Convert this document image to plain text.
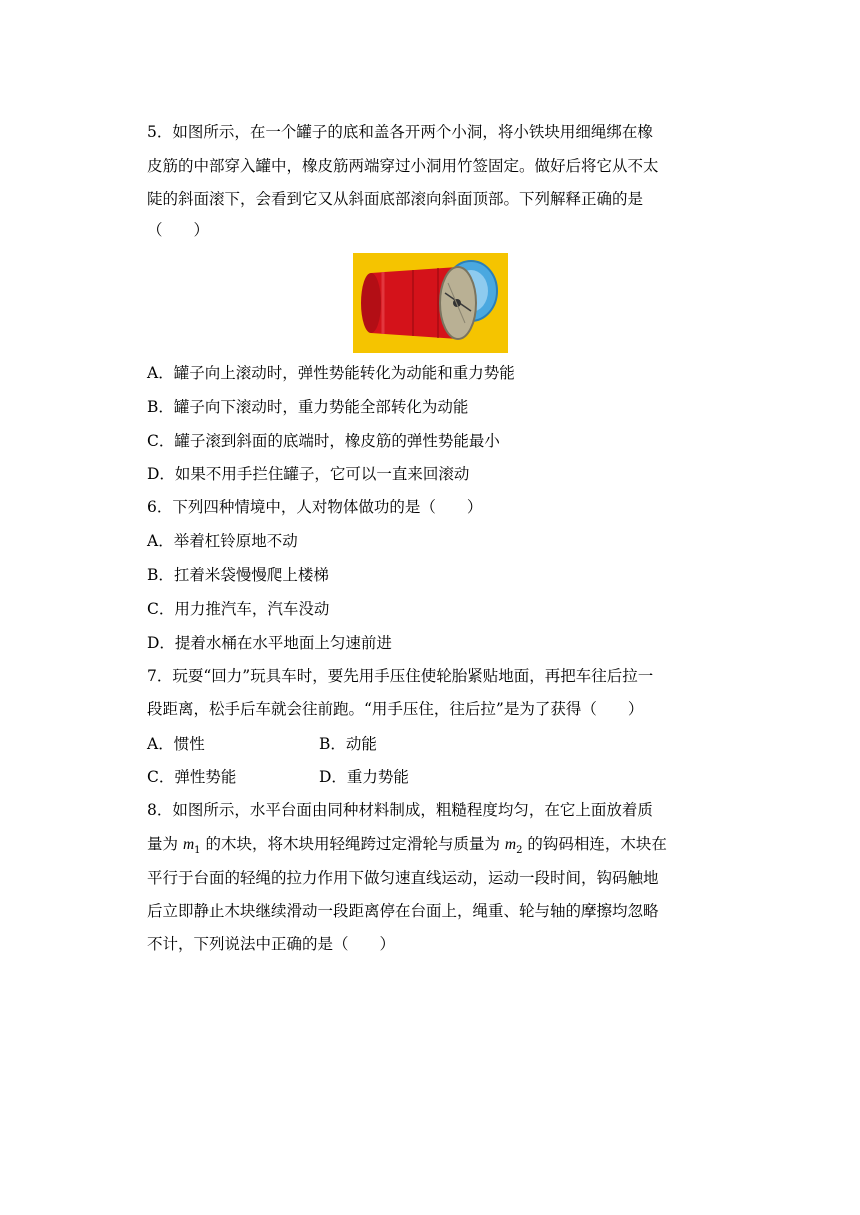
5．如图所示，在一个罐子的底和盖各开两个小洞，将小铁块用细绳绑在橡
皮筋的中部穿入罐中，橡皮筋两端穿过小洞用竹签固定。做好后将它从不太
陡的斜面滚下，会看到它又从斜面底部滚向斜面顶部。下列解释正确的是
（　　）
A．罐子向上滚动时，弹性势能转化为动能和重力势能
B．罐子向下滚动时，重力势能全部转化为动能
C．罐子滚到斜面的底端时，橡皮筋的弹性势能最小
D．如果不用手拦住罐子，它可以一直来回滚动
6．下列四种情境中，人对物体做功的是（　　）
A．举着杠铃原地不动
B．扛着米袋慢慢爬上楼梯
C．用力推汽车，汽车没动
D．提着水桶在水平地面上匀速前进
7．玩耍“回力”玩具车时，要先用手压住使轮胎紧贴地面，再把车往后拉一
段距离，松手后车就会往前跑。“用手压住，往后拉”是为了获得（　　）
A．惯性	B．动能
C．弹性势能	D．重力势能
8．如图所示，水平台面由同种材料制成，粗糙程度均匀，在它上面放着质
量为 $m_1$ 的木块，将木块用轻绳跨过定滑轮与质量为 $m_2$ 的钩码相连，木块在
平行于台面的轻绳的拉力作用下做匀速直线运动，运动一段时间，钩码触地
后立即静止木块继续滑动一段距离停在台面上，绳重、轮与轴的摩擦均忽略
不计，下列说法中正确的是（　　）
